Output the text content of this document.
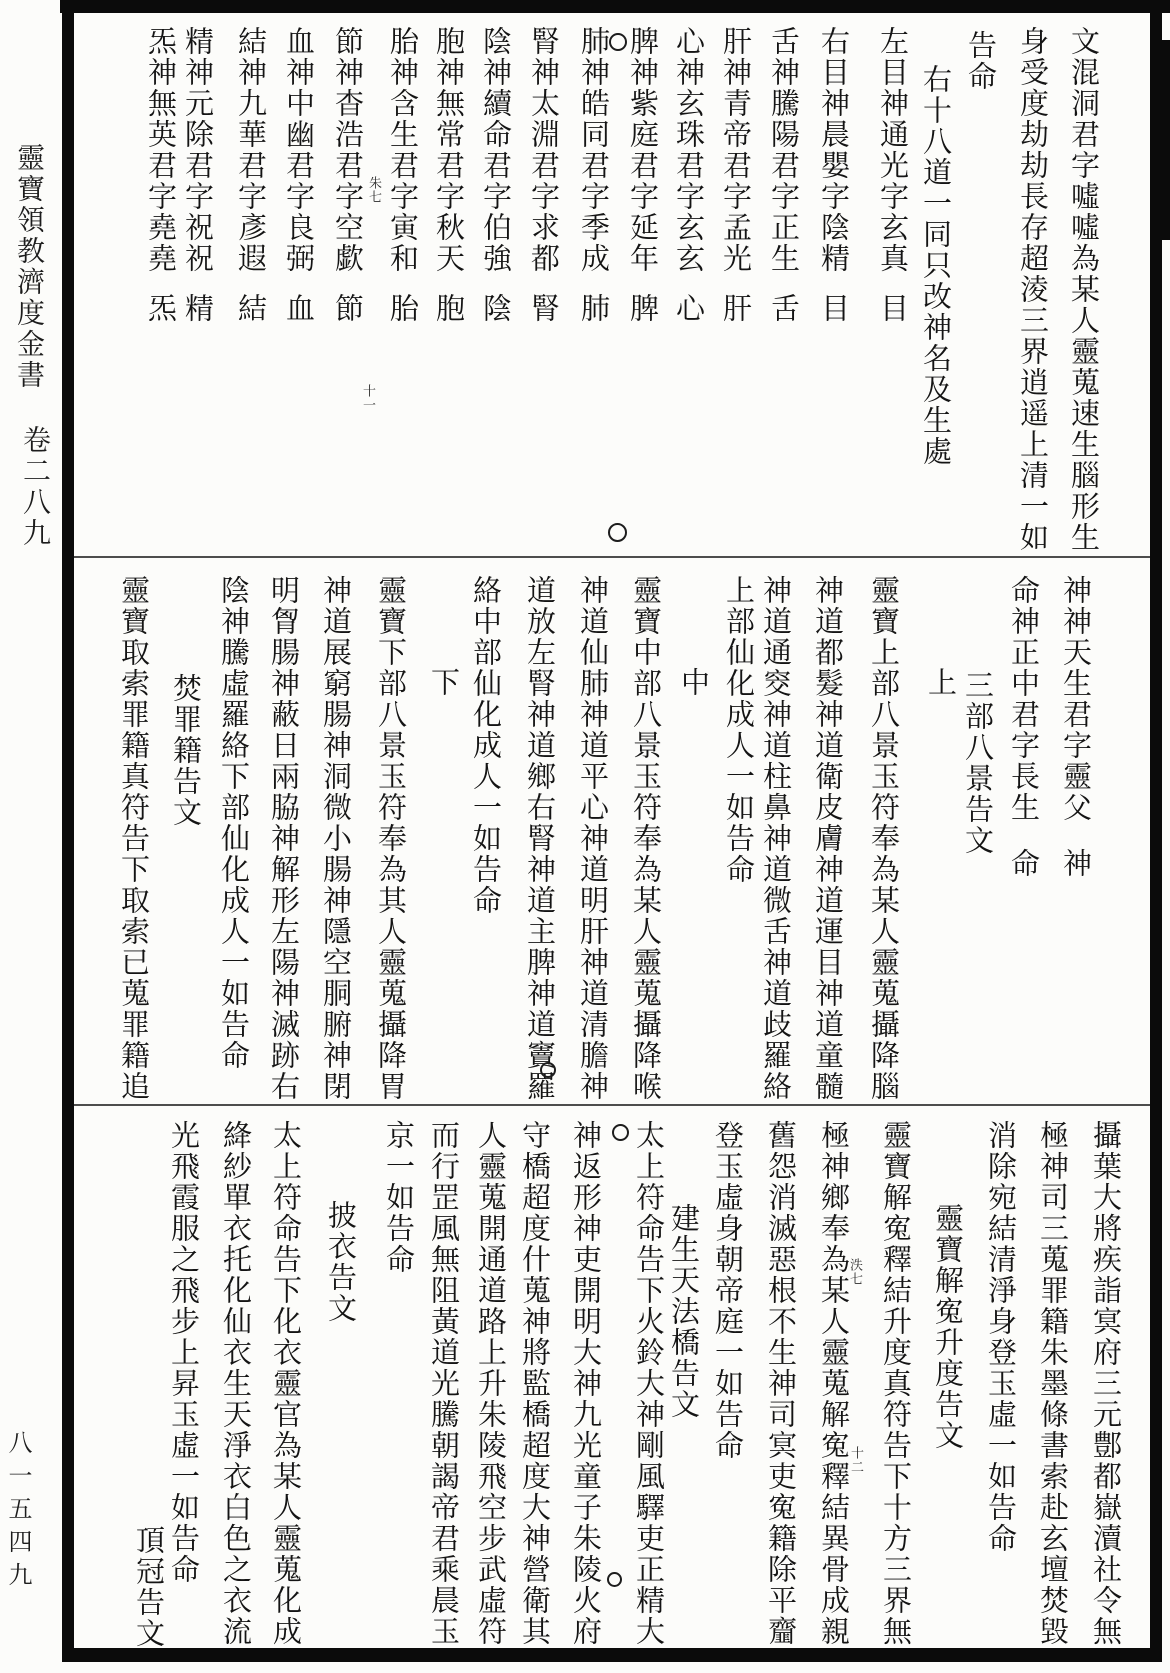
靈寶領教濟度金書
卷二八九
八一五四九
文混洞君字噓噓為某人靈蒐速生腦形生
身受度劫劫長存超淩三界逍遥上清一如
告命
右十八道一同只改神名及生處
左目神通光字玄真
右目神晨嬰字陰精
舌神騰陽君字正生
肝神青帝君字孟光
心神玄珠君字玄玄
脾神紫庭君字延年
肺神皓同君字季成
腎神太淵君字求都
陰神續命君字伯強
胞神無常君字秋天
胎神含生君字寅和
節神杳浩君字空歔
血神中幽君字良弼
結神九華君字彥遐
精神元除君字祝祝
炁神無英君字堯堯
目
目
舌
肝
心
脾
肺
腎
陰
胞
胎
節
血
結
精
炁
神神天生君字靈父
命神正中君字長生
三部八景告文
上
靈寶上部八景玉符奉為某人靈蒐攝降腦
神道都髮神道衛皮膚神道運目神道童髓
神道通窔神道柱鼻神道微舌神道歧羅絡
上部仙化成人一如告命
中
靈寶中部八景玉符奉為某人靈蒐攝降喉
神道仙肺神道平心神道明肝神道清膽神
道放左腎神道鄉右腎神道主脾神道竇羅
絡中部仙化成人一如告命
下
靈寶下部八景玉符奉為其人靈蒐攝降胃
神道展窮腸神洞微小腸神隱空胴腑神閉
明胷腸神蔽日兩脇神解形左陽神滅跡右
陰神騰虛羅絡下部仙化成人一如告命
焚罪籍告文
靈寶取索罪籍真符告下取索已蒐罪籍追	神
命
攝葉大將疾詣㝠府三元鄷都嶽瀆社令無
極神司三蒐罪籍朱墨條書索赴玄壇焚毀
消除宛結清淨身登玉虛一如告命
靈寶解寃升度告文
靈寶解寃釋結升度真符告下十方三界無
極神鄉奉為某人靈蒐解寃釋結異骨成親
舊怨消滅惡根不生神司㝠吏寃籍除平齏
登玉虛身朝帝庭一如告命
建生天法橋告文
太上符命告下火鈴大神剛風驛吏正精大
神返形神吏開明大神九光童子朱陵火府
守橋超度什蒐神將監橋超度大神營衛其
人靈蒐開通道路上升朱陵飛空步武虛符
而行罡風無阻黃道光騰朝謁帝君乘晨玉
京一如告命
披衣告文
太上符命告下化衣靈官為某人靈蒐化成
絳紗單衣托化仙衣生天淨衣白色之衣流
光飛霞服之飛步上昇玉虛一如告命
頂冠告文
朱七
十一
泆七
十二
